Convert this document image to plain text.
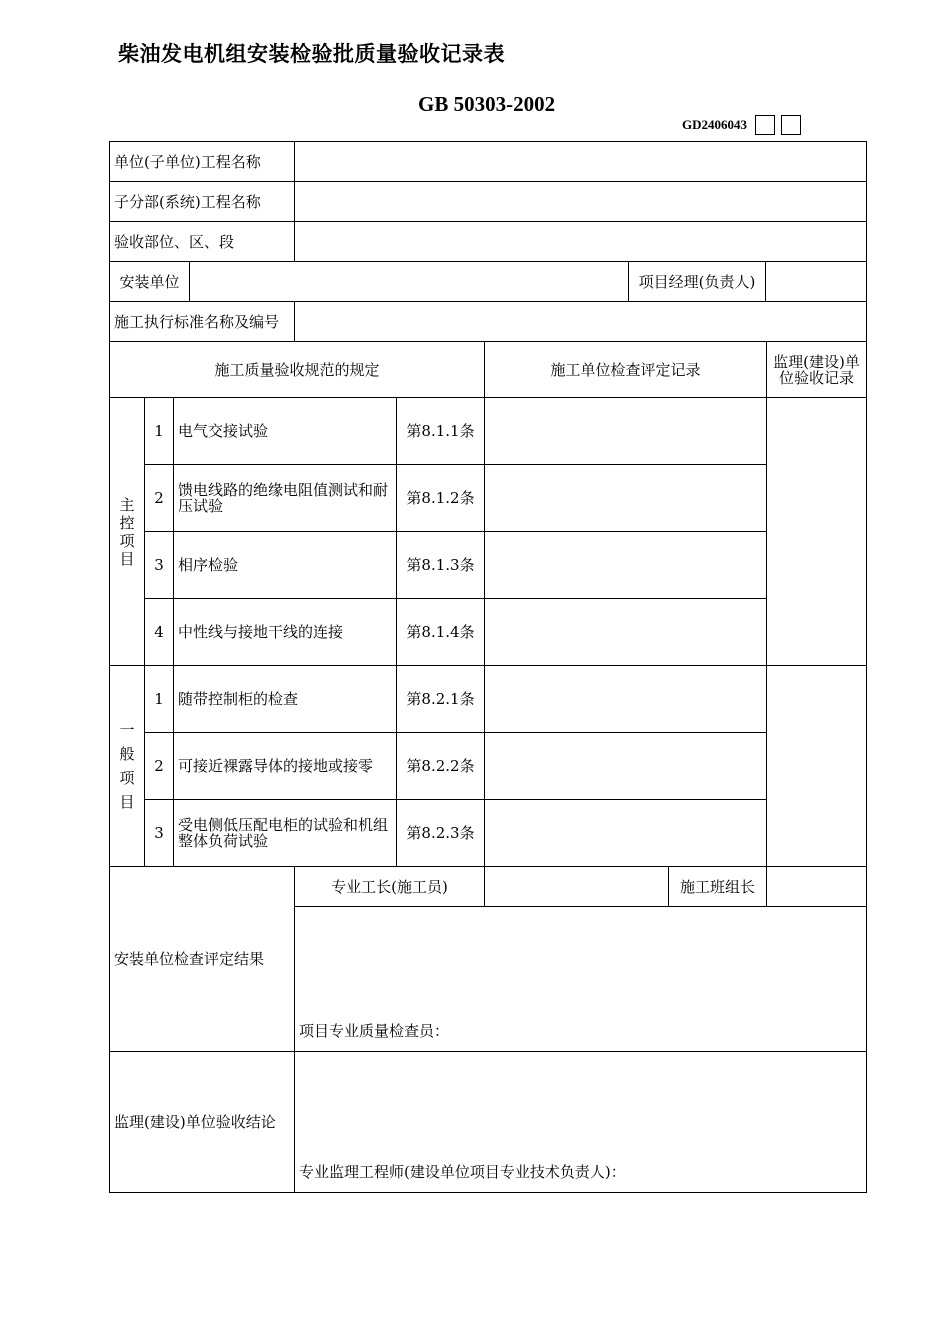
柴油发电机组安装检验批质量验收记录表
GB 50303-2002
GD2406043
单位(子单位)工程名称
子分部(系统)工程名称
验收部位、区、段
安装单位	项目经理(负责人)
施工执行标准名称及编号
施工质量验收规范的规定	施工单位检查评定记录	监理(建设)单位验收记录
主控项目
1 电气交接试验	第8.1.1条
2 馈电线路的绝缘电阻值测试和耐压试验	第8.1.2条
3 相序检验	第8.1.3条
4 中性线与接地干线的连接	第8.1.4条
一般项目
1 随带控制柜的检查	第8.2.1条
2 可接近裸露导体的接地或接零	第8.2.2条
3 受电侧低压配电柜的试验和机组整体负荷试验	第8.2.3条
安装单位检查评定结果
专业工长(施工员)	施工班组长
项目专业质量检查员：
监理(建设)单位验收结论
专业监理工程师(建设单位项目专业技术负责人)：
